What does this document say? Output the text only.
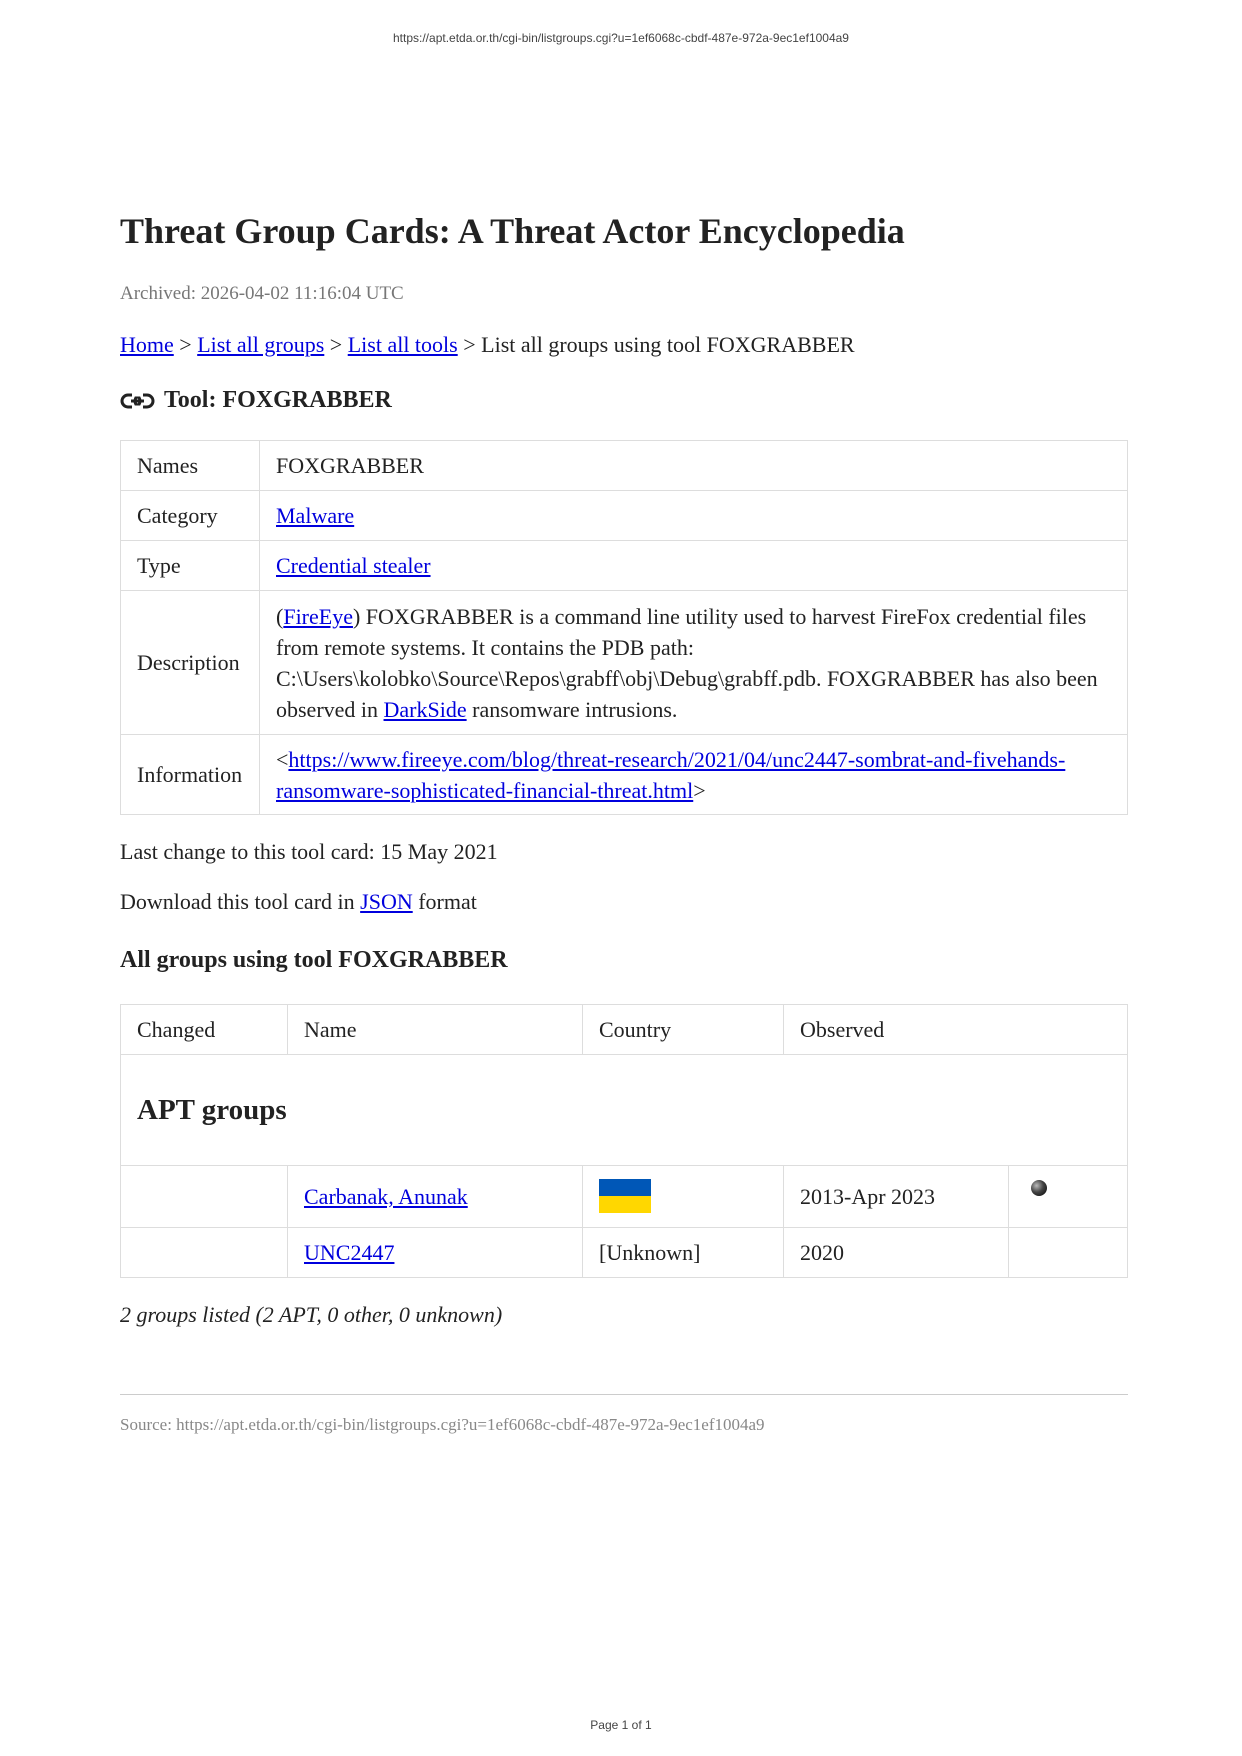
https://apt.etda.or.th/cgi-bin/listgroups.cgi?u=1ef6068c-cbdf-487e-972a-9ec1ef1004a9
Threat Group Cards: A Threat Actor Encyclopedia
Archived: 2026-04-02 11:16:04 UTC
Home > List all groups > List all tools > List all groups using tool FOXGRABBER
Tool: FOXGRABBER
Names	FOXGRABBER
Category	Malware
Type	Credential stealer
Description	(FireEye) FOXGRABBER is a command line utility used to harvest FireFox credential files from remote systems. It contains the PDB path: C:\Users\kolobko\Source\Repos\grabff\obj\Debug\grabff.pdb. FOXGRABBER has also been observed in DarkSide ransomware intrusions.
Information	<https://www.fireeye.com/blog/threat-research/2021/04/unc2447-sombrat-and-fivehands-ransomware-sophisticated-financial-threat.html>
Last change to this tool card: 15 May 2021
Download this tool card in JSON format
All groups using tool FOXGRABBER
Changed	Name	Country	Observed	
APT groups				
	Carbanak, Anunak		2013-Apr 2023	
	UNC2447	[Unknown]	2020	
2 groups listed (2 APT, 0 other, 0 unknown)
Source: https://apt.etda.or.th/cgi-bin/listgroups.cgi?u=1ef6068c-cbdf-487e-972a-9ec1ef1004a9
Page 1 of 1
